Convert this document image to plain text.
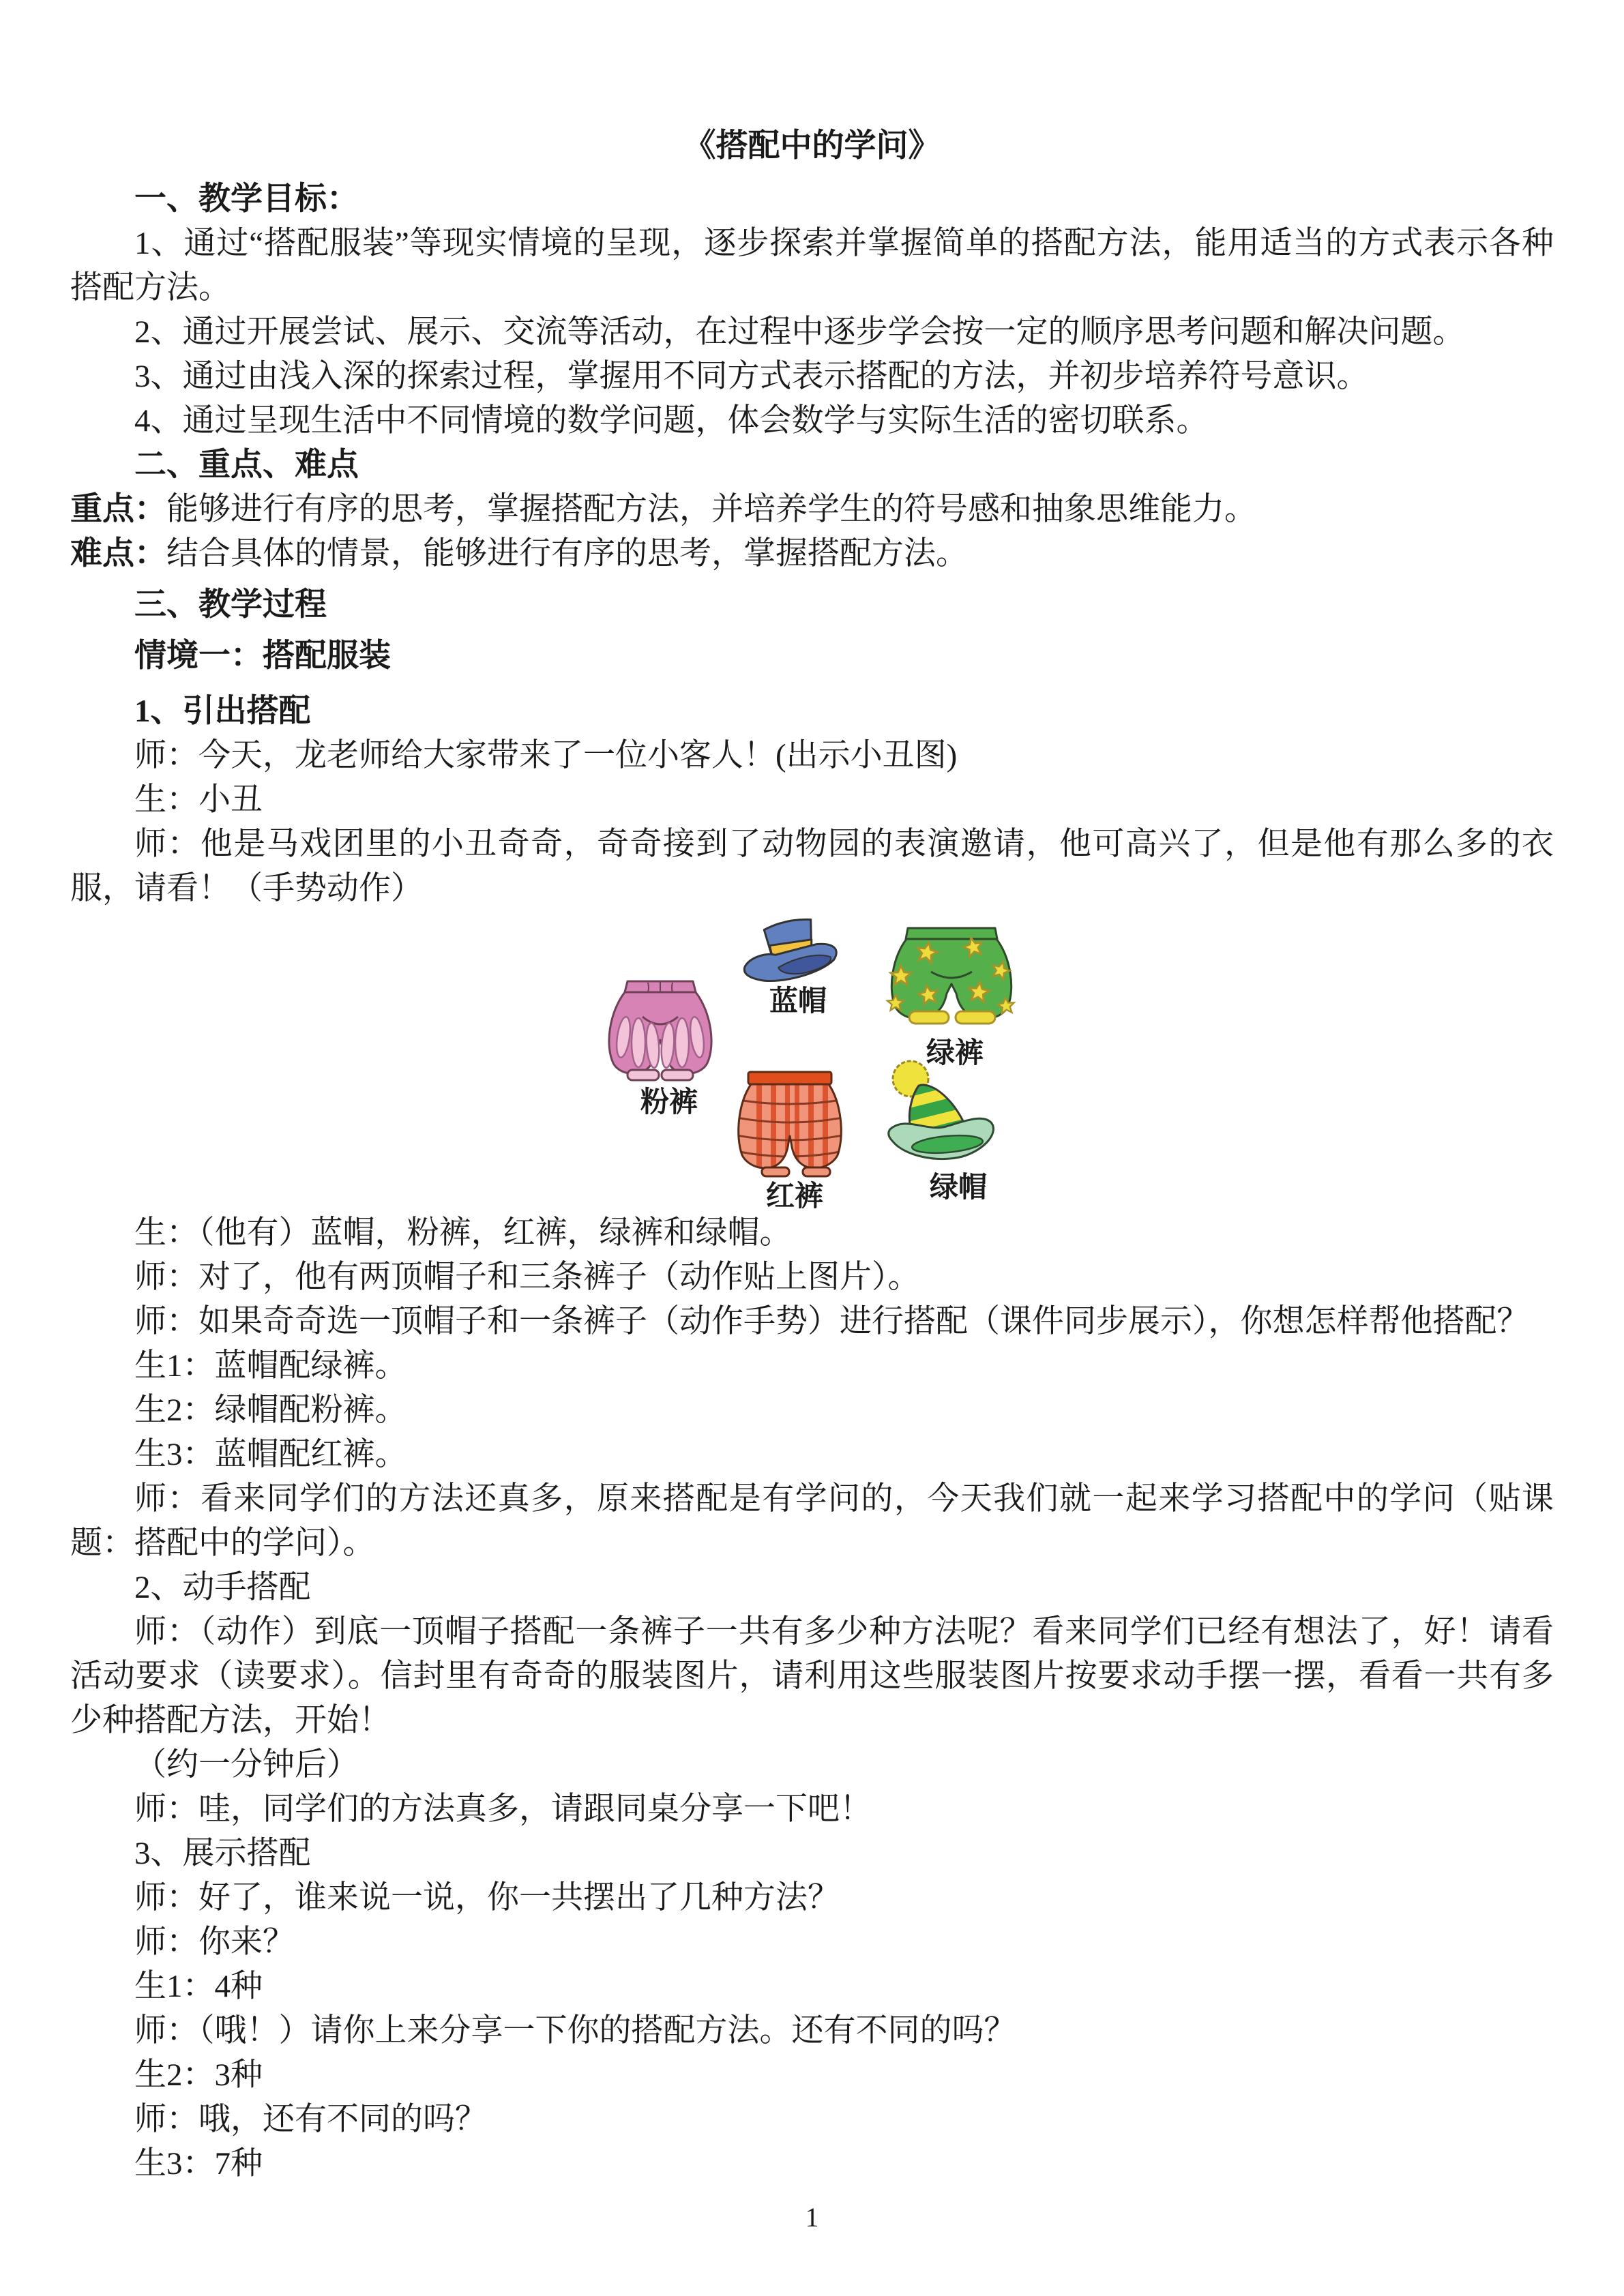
《搭配中的学问》

一、教学目标：

1、通过“搭配服装”等现实情境的呈现，逐步探索并掌握简单的搭配方法，能用适当的方式表示各种搭配方法。

2、通过开展尝试、展示、交流等活动，在过程中逐步学会按一定的顺序思考问题和解决问题。

3、通过由浅入深的探索过程，掌握用不同方式表示搭配的方法，并初步培养符号意识。

4、通过呈现生活中不同情境的数学问题，体会数学与实际生活的密切联系。

二、重点、难点

重点：能够进行有序的思考，掌握搭配方法，并培养学生的符号感和抽象思维能力。

难点：结合具体的情景，能够进行有序的思考，掌握搭配方法。

三、教学过程

情境一：搭配服装

1、引出搭配

师：今天，龙老师给大家带来了一位小客人！(出示小丑图)

生：小丑

师：他是马戏团里的小丑奇奇，奇奇接到了动物园的表演邀请，他可高兴了，但是他有那么多的衣服，请看！（手势动作）

蓝帽
绿裤
粉裤
红裤	绿帽

生：（他有）蓝帽，粉裤，红裤，绿裤和绿帽。

师：对了，他有两顶帽子和三条裤子（动作贴上图片）。

师：如果奇奇选一顶帽子和一条裤子（动作手势）进行搭配（课件同步展示），你想怎样帮他搭配？

生1：蓝帽配绿裤。

生2：绿帽配粉裤。

生3：蓝帽配红裤。

师：看来同学们的方法还真多，原来搭配是有学问的，今天我们就一起来学习搭配中的学问（贴课题：搭配中的学问）。

2、动手搭配

师：（动作）到底一顶帽子搭配一条裤子一共有多少种方法呢？看来同学们已经有想法了，好！请看活动要求（读要求）。信封里有奇奇的服装图片，请利用这些服装图片按要求动手摆一摆，看看一共有多少种搭配方法，开始！

（约一分钟后）

师：哇，同学们的方法真多，请跟同桌分享一下吧！

3、展示搭配

师：好了，谁来说一说，你一共摆出了几种方法？

师：你来？

生1：4种

师：（哦！）请你上来分享一下你的搭配方法。还有不同的吗？

生2：3种

师：哦，还有不同的吗？

生3：7种

1
